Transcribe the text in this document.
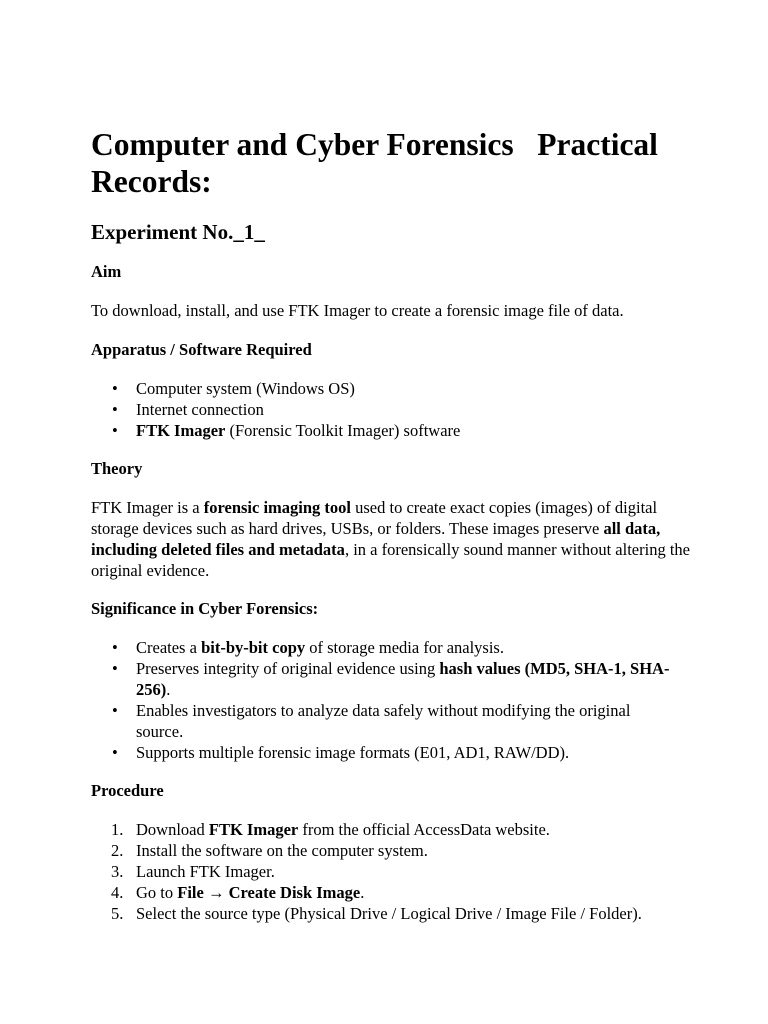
Computer and Cyber Forensics   Practical Records:
Experiment No._1_
Aim

To download, install, and use FTK Imager to create a forensic image file of data.

Apparatus / Software Required
• Computer system (Windows OS)
• Internet connection
• FTK Imager (Forensic Toolkit Imager) software
Theory

FTK Imager is a forensic imaging tool used to create exact copies (images) of digital storage devices such as hard drives, USBs, or folders. These images preserve all data, including deleted files and metadata, in a forensically sound manner without altering the original evidence.

Significance in Cyber Forensics:
• Creates a bit-by-bit copy of storage media for analysis.
• Preserves integrity of original evidence using hash values (MD5, SHA-1, SHA-256).
• Enables investigators to analyze data safely without modifying the original source.
• Supports multiple forensic image formats (E01, AD1, RAW/DD).
Procedure
1. Download FTK Imager from the official AccessData website.
2. Install the software on the computer system.
3. Launch FTK Imager.
4. Go to File → Create Disk Image.
5. Select the source type (Physical Drive / Logical Drive / Image File / Folder).
